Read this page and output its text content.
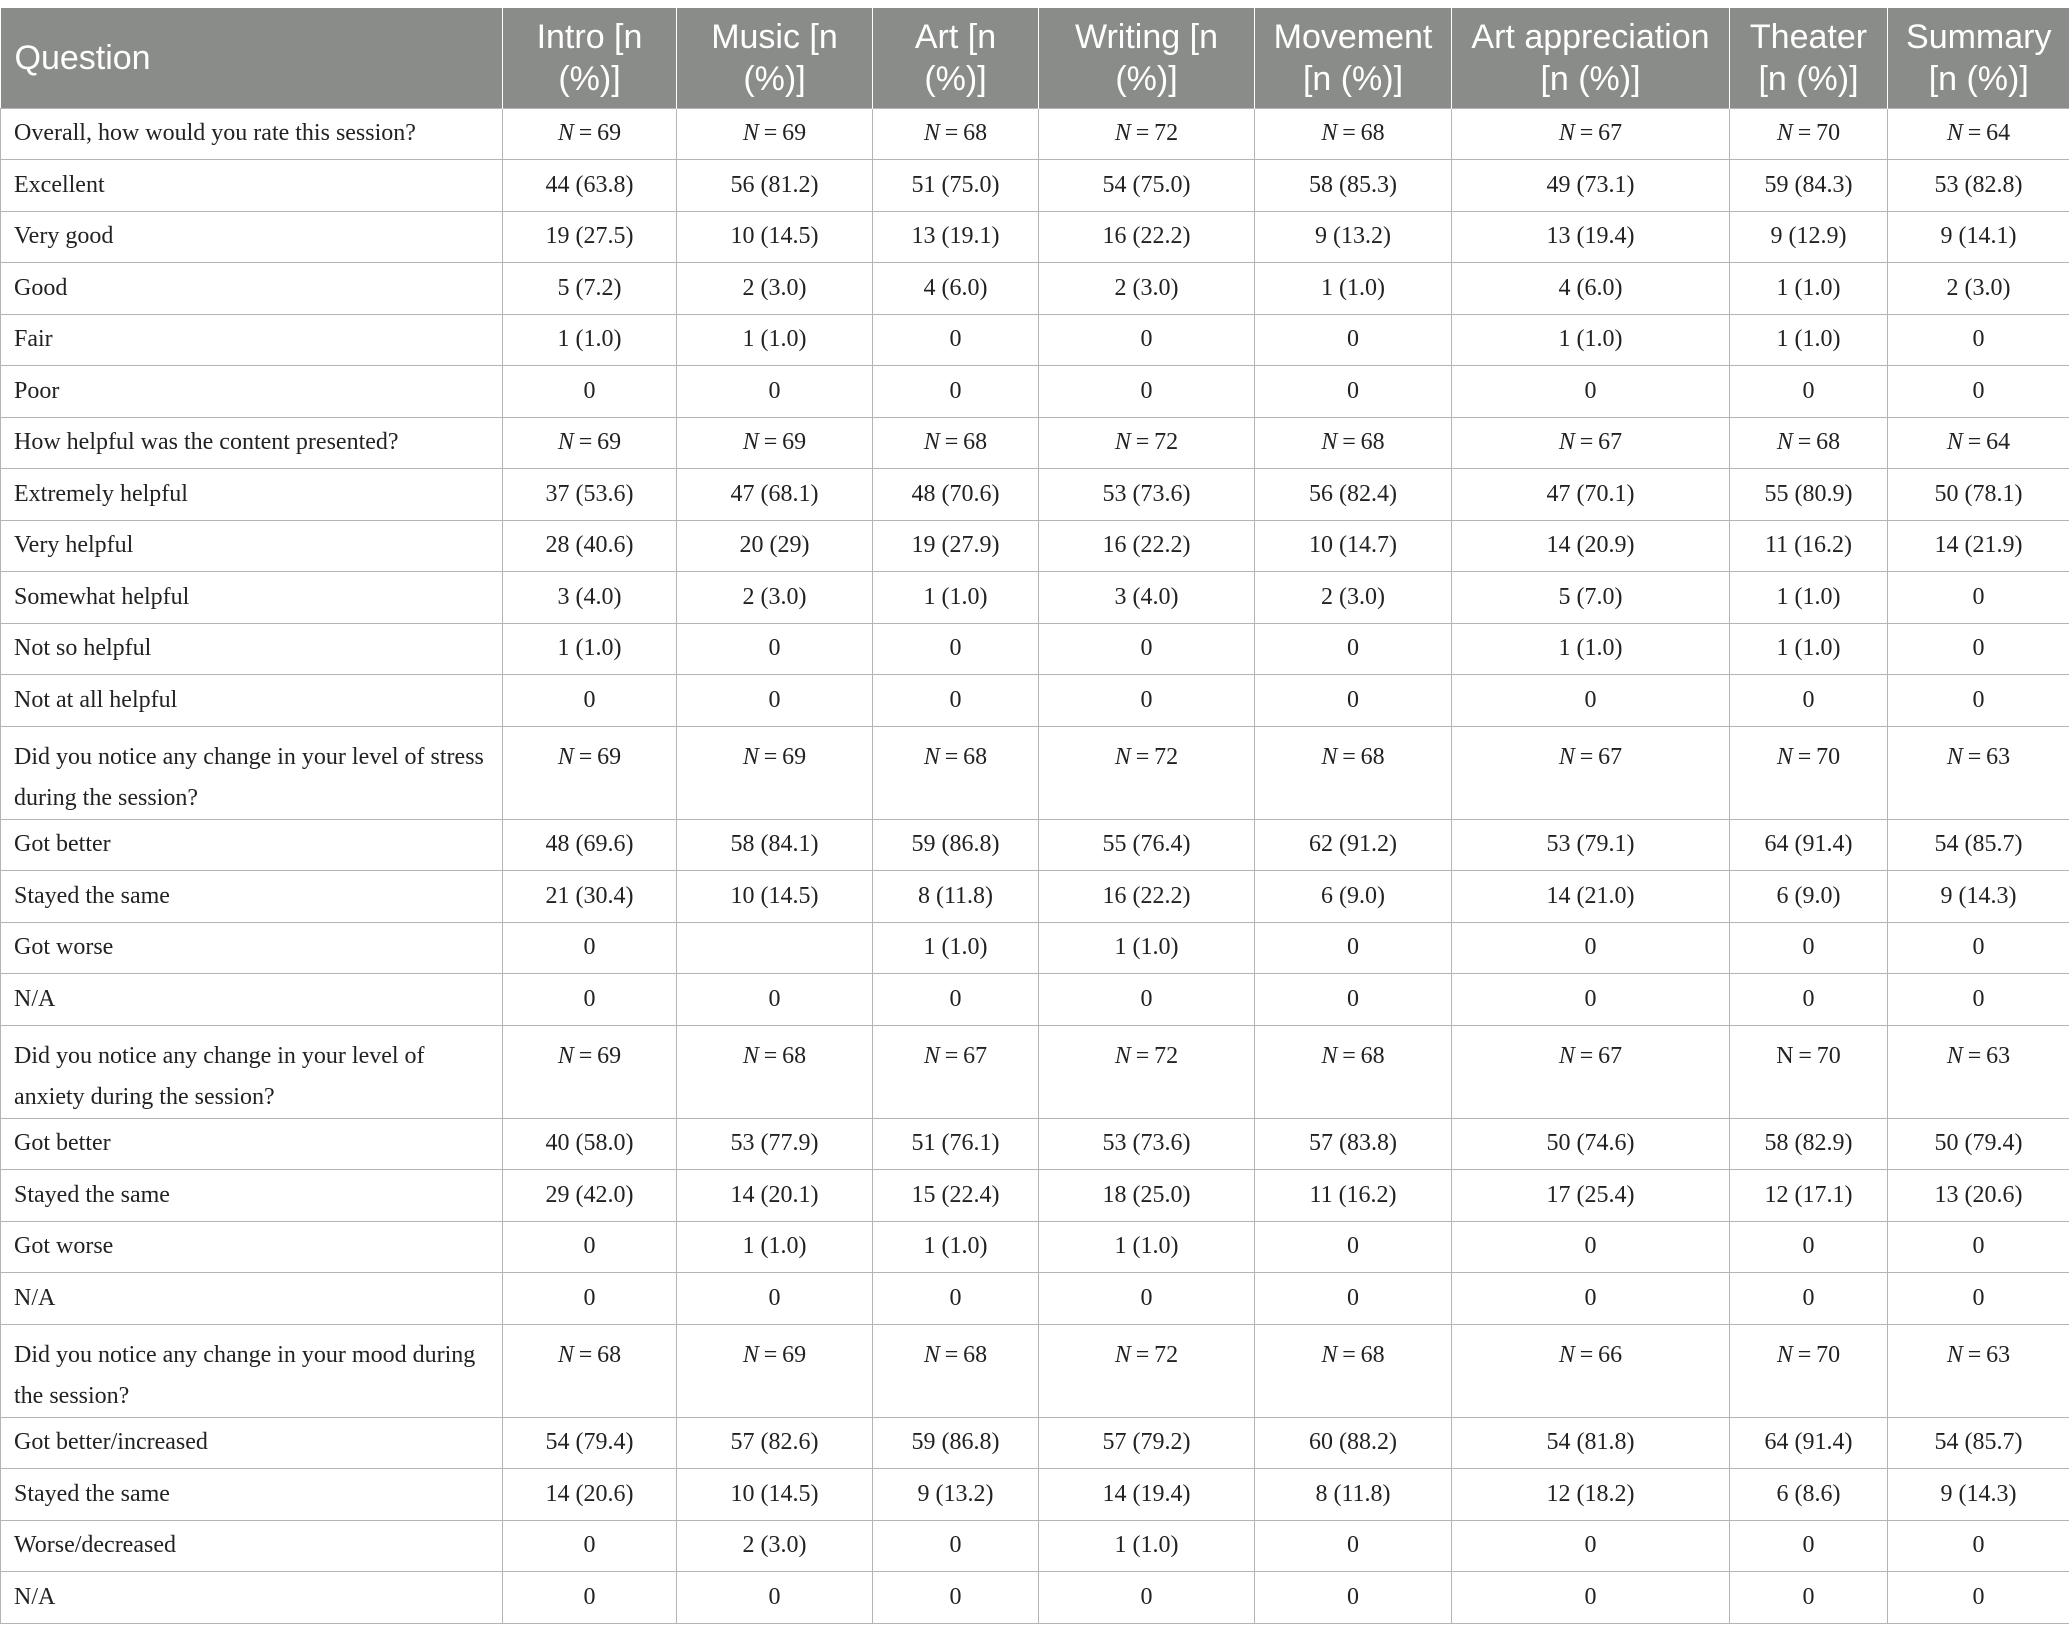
Question	Intro [n (%)]	Music [n (%)]	Art [n (%)]	Writing [n (%)]	Movement [n (%)]	Art appreciation [n (%)]	Theater [n (%)]	Summary [n (%)]
Overall, how would you rate this session?	N = 69	N = 69	N = 68	N = 72	N = 68	N = 67	N = 70	N = 64
Excellent	44 (63.8)	56 (81.2)	51 (75.0)	54 (75.0)	58 (85.3)	49 (73.1)	59 (84.3)	53 (82.8)
Very good	19 (27.5)	10 (14.5)	13 (19.1)	16 (22.2)	9 (13.2)	13 (19.4)	9 (12.9)	9 (14.1)
Good	5 (7.2)	2 (3.0)	4 (6.0)	2 (3.0)	1 (1.0)	4 (6.0)	1 (1.0)	2 (3.0)
Fair	1 (1.0)	1 (1.0)	0	0	0	1 (1.0)	1 (1.0)	0
Poor	0	0	0	0	0	0	0	0
How helpful was the content presented?	N = 69	N = 69	N = 68	N = 72	N = 68	N = 67	N = 68	N = 64
Extremely helpful	37 (53.6)	47 (68.1)	48 (70.6)	53 (73.6)	56 (82.4)	47 (70.1)	55 (80.9)	50 (78.1)
Very helpful	28 (40.6)	20 (29)	19 (27.9)	16 (22.2)	10 (14.7)	14 (20.9)	11 (16.2)	14 (21.9)
Somewhat helpful	3 (4.0)	2 (3.0)	1 (1.0)	3 (4.0)	2 (3.0)	5 (7.0)	1 (1.0)	0
Not so helpful	1 (1.0)	0	0	0	0	1 (1.0)	1 (1.0)	0
Not at all helpful	0	0	0	0	0	0	0	0
Did you notice any change in your level of stress during the session?	N = 69	N = 69	N = 68	N = 72	N = 68	N = 67	N = 70	N = 63
Got better	48 (69.6)	58 (84.1)	59 (86.8)	55 (76.4)	62 (91.2)	53 (79.1)	64 (91.4)	54 (85.7)
Stayed the same	21 (30.4)	10 (14.5)	8 (11.8)	16 (22.2)	6 (9.0)	14 (21.0)	6 (9.0)	9 (14.3)
Got worse	0		1 (1.0)	1 (1.0)	0	0	0	0
N/A	0	0	0	0	0	0	0	0
Did you notice any change in your level of anxiety during the session?	N = 69	N = 68	N = 67	N = 72	N = 68	N = 67	N = 70	N = 63
Got better	40 (58.0)	53 (77.9)	51 (76.1)	53 (73.6)	57 (83.8)	50 (74.6)	58 (82.9)	50 (79.4)
Stayed the same	29 (42.0)	14 (20.1)	15 (22.4)	18 (25.0)	11 (16.2)	17 (25.4)	12 (17.1)	13 (20.6)
Got worse	0	1 (1.0)	1 (1.0)	1 (1.0)	0	0	0	0
N/A	0	0	0	0	0	0	0	0
Did you notice any change in your mood during the session?	N = 68	N = 69	N = 68	N = 72	N = 68	N = 66	N = 70	N = 63
Got better/increased	54 (79.4)	57 (82.6)	59 (86.8)	57 (79.2)	60 (88.2)	54 (81.8)	64 (91.4)	54 (85.7)
Stayed the same	14 (20.6)	10 (14.5)	9 (13.2)	14 (19.4)	8 (11.8)	12 (18.2)	6 (8.6)	9 (14.3)
Worse/decreased	0	2 (3.0)	0	1 (1.0)	0	0	0	0
N/A	0	0	0	0	0	0	0	0
